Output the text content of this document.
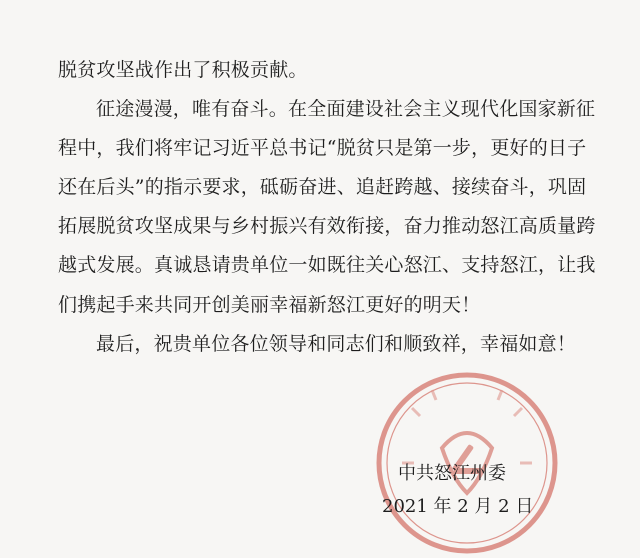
脱贫攻坚战作出了积极贡献。
征途漫漫，唯有奋斗。在全面建设社会主义现代化国家新征
程中，我们将牢记习近平总书记“脱贫只是第一步，更好的日子
还在后头”的指示要求，砥砺奋进、追赶跨越、接续奋斗，巩固
拓展脱贫攻坚成果与乡村振兴有效衔接，奋力推动怒江高质量跨
越式发展。真诚恳请贵单位一如既往关心怒江、支持怒江，让我
们携起手来共同开创美丽幸福新怒江更好的明天！
最后，祝贵单位各位领导和同志们和顺致祥，幸福如意！
中共怒江州委
2021 年 2 月 2 日
